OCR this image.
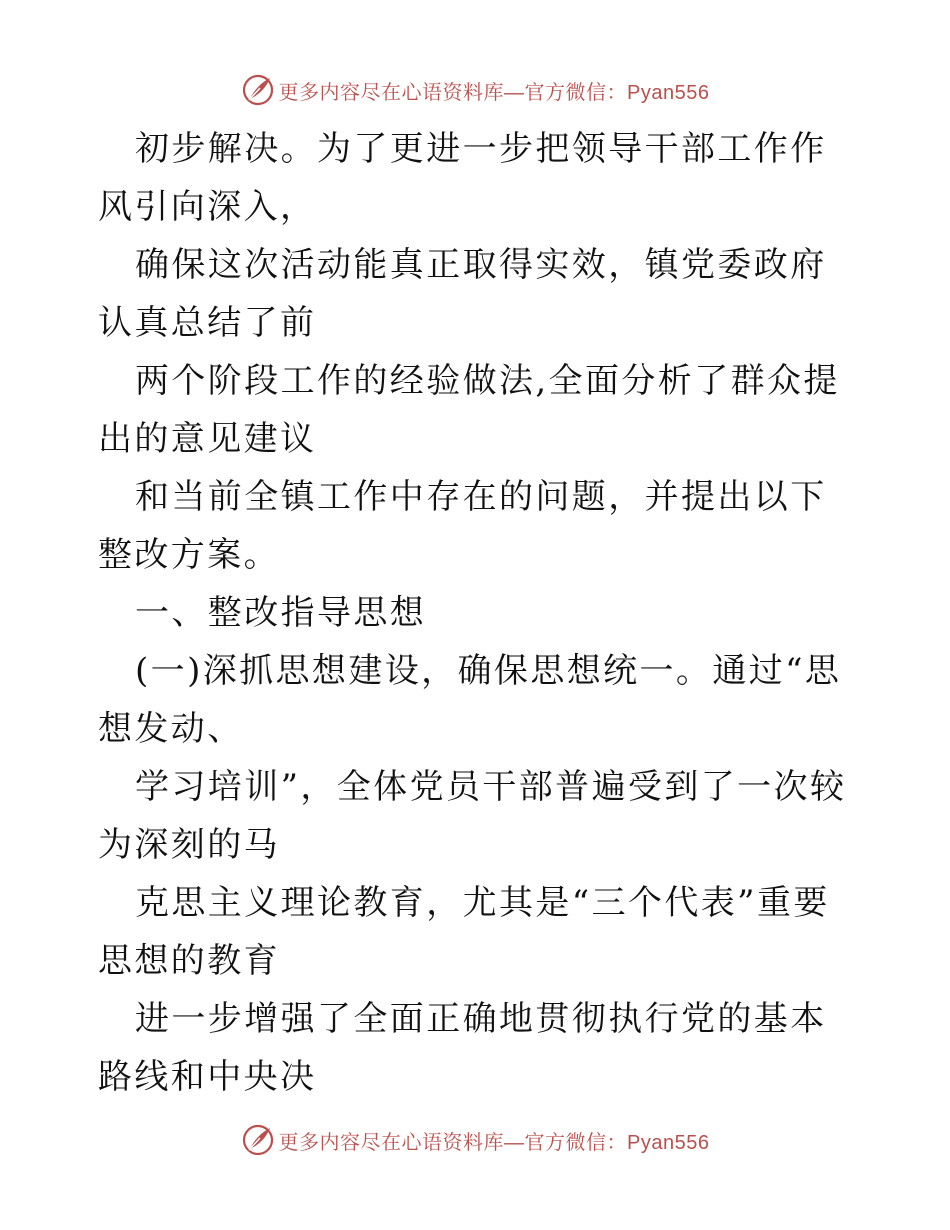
更多内容尽在心语资料库—官方微信：Pyan556

初步解决。为了更进一步把领导干部工作作风引向深入，

确保这次活动能真正取得实效，镇党委政府认真总结了前

两个阶段工作的经验做法,全面分析了群众提出的意见建议

和当前全镇工作中存在的问题，并提出以下整改方案。

一、整改指导思想

(一)深抓思想建设，确保思想统一。通过“思想发动、

学习培训”，全体党员干部普遍受到了一次较为深刻的马

克思主义理论教育，尤其是“三个代表”重要思想的教育

进一步增强了全面正确地贯彻执行党的基本路线和中央决

更多内容尽在心语资料库—官方微信：Pyan556
